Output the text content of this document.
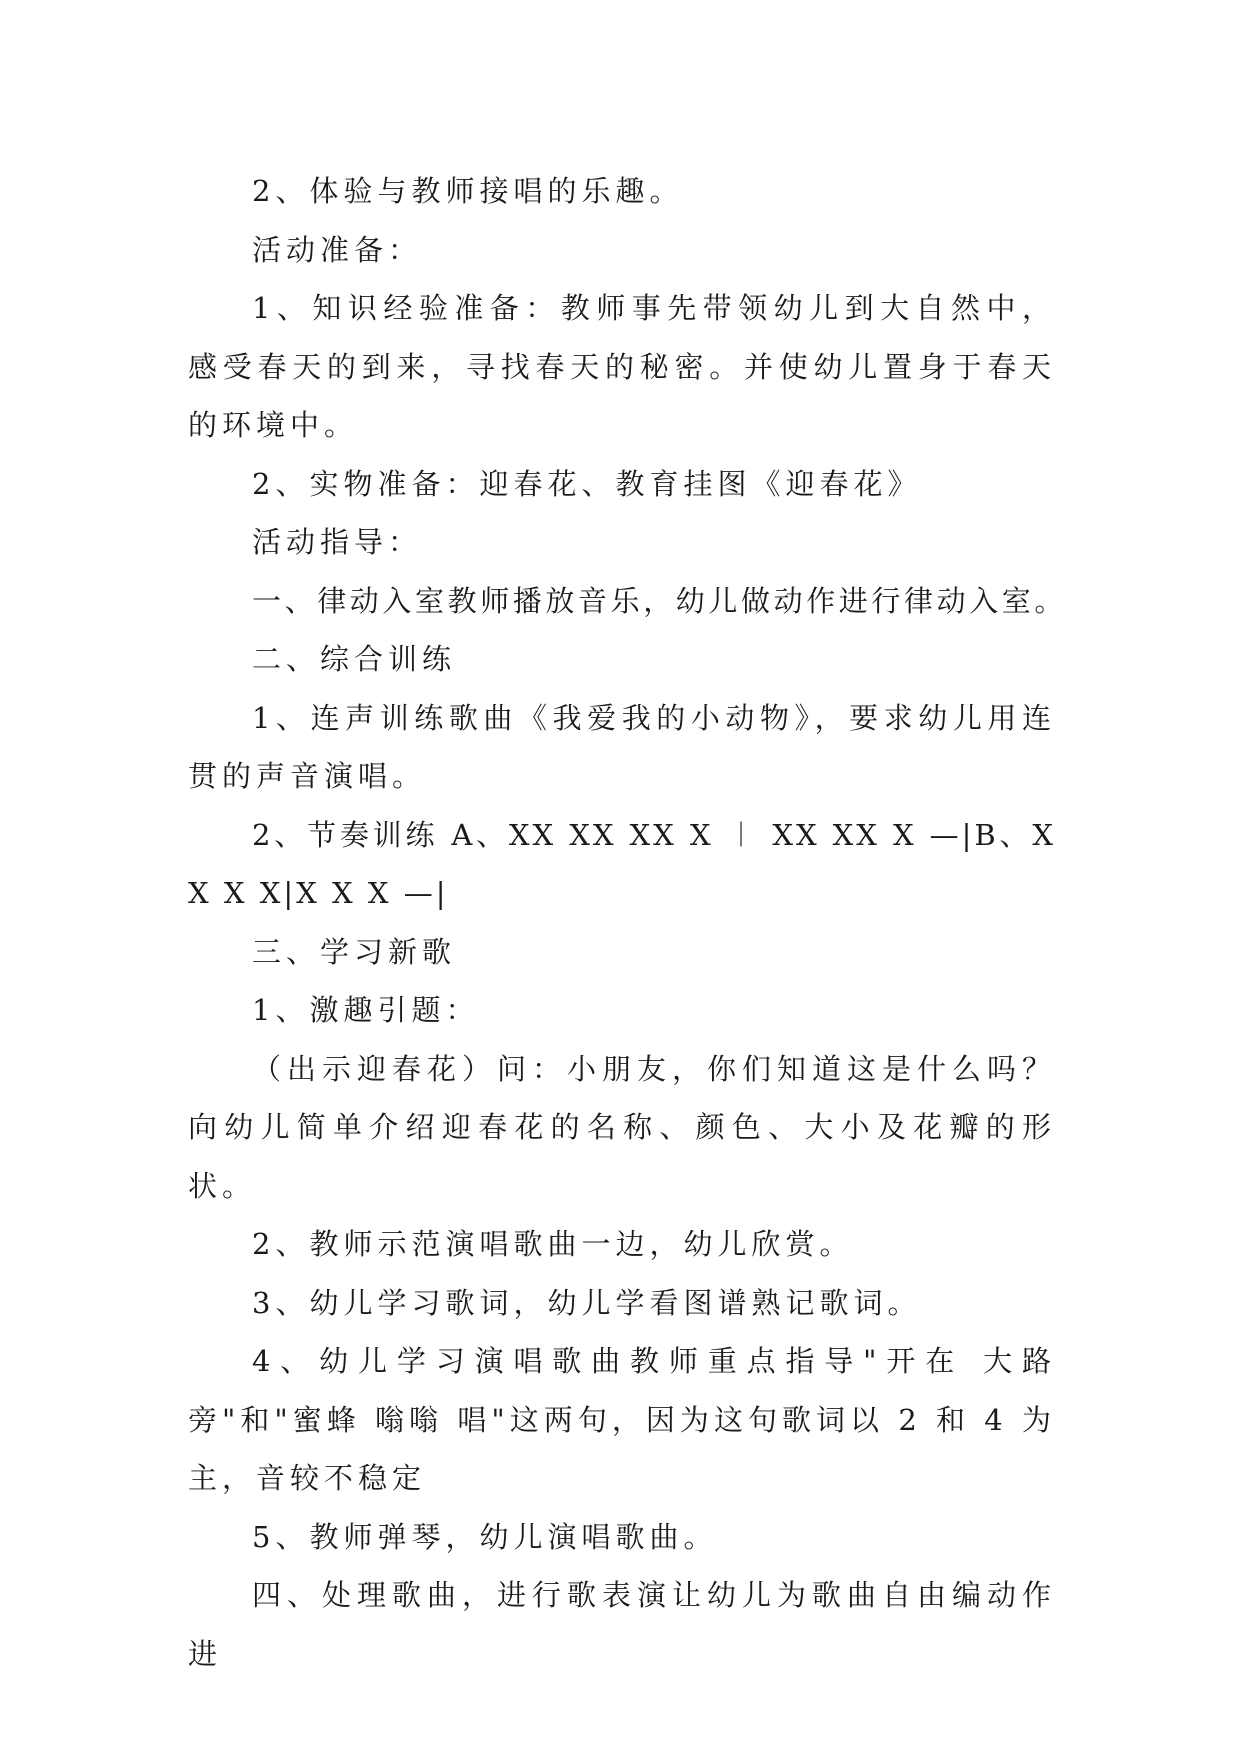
2、体验与教师接唱的乐趣。

活动准备：

1、知识经验准备：教师事先带领幼儿到大自然中，感受春天的到来，寻找春天的秘密。并使幼儿置身于春天的环境中。

2、实物准备：迎春花、教育挂图《迎春花》

活动指导：

一、律动入室教师播放音乐，幼儿做动作进行律动入室。

二、综合训练

1、连声训练歌曲《我爱我的小动物》，要求幼儿用连贯的声音演唱。

2、节奏训练 A、XX XX XX X ︱ XX XX X —|B、X X X X|X X X —|

三、学习新歌

1、激趣引题：

（出示迎春花）问：小朋友，你们知道这是什么吗？向幼儿简单介绍迎春花的名称、颜色、大小及花瓣的形状。

2、教师示范演唱歌曲一边，幼儿欣赏。

3、幼儿学习歌词，幼儿学看图谱熟记歌词。

4、幼儿学习演唱歌曲教师重点指导"开在 大路 旁"和"蜜蜂 嗡嗡 唱"这两句，因为这句歌词以 2 和 4 为主，音较不稳定

5、教师弹琴，幼儿演唱歌曲。

四、处理歌曲，进行歌表演让幼儿为歌曲自由编动作进
